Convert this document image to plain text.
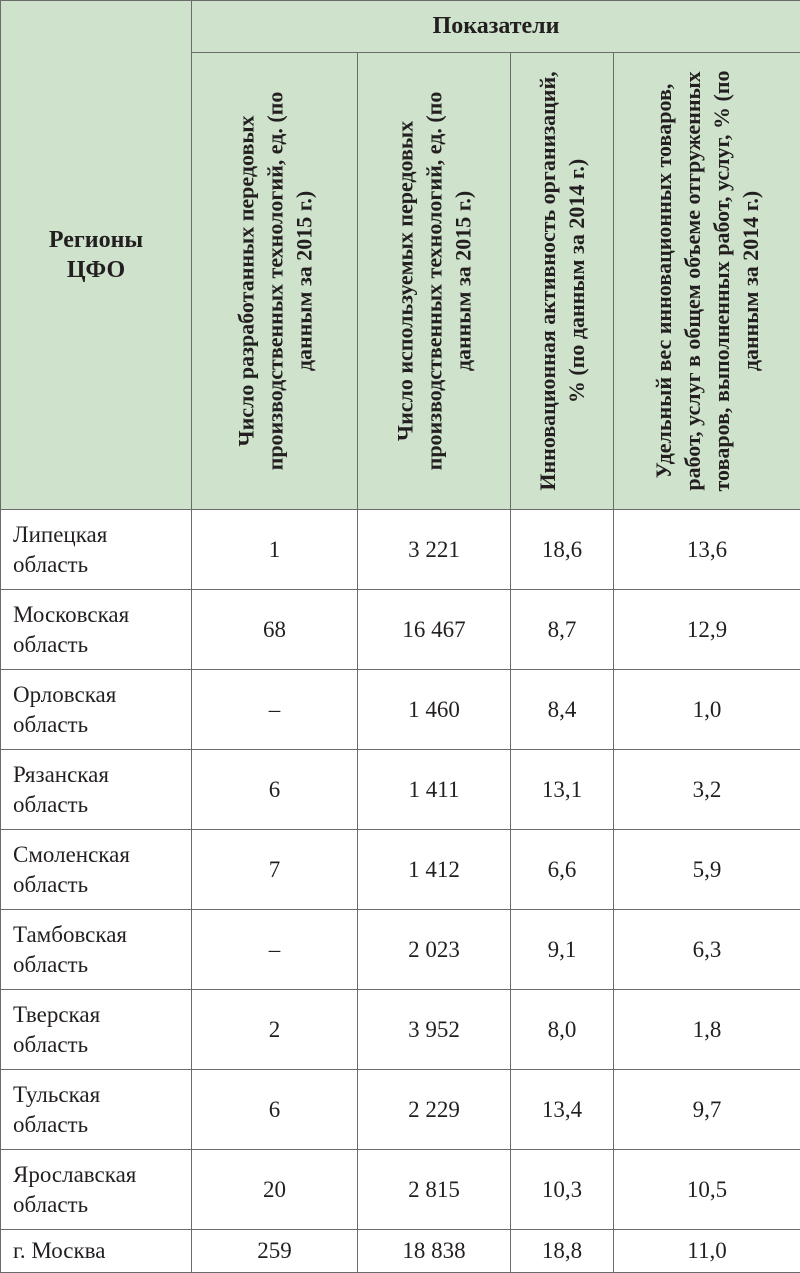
Регионы
ЦФО	Показатели			

	Число разработанных передовых производственных технологий, ед. (по данным за 2015 г.)	Число используемых передовых производственных технологий, ед. (по данным за 2015 г.)	Инновационная активность организаций, % (по данным за 2014 г.)	Удельный вес инновационных товаров, работ, услуг в общем объеме отгруженных товаров, выполненных работ, услуг, % (по данным за 2014 г.)

Липецкая
область	1	3 221	18,6	13,6
Московская
область	68	16 467	8,7	12,9
Орловская
область	–	1 460	8,4	1,0
Рязанская
область	6	1 411	13,1	3,2
Смоленская
область	7	1 412	6,6	5,9
Тамбовская
область	–	2 023	9,1	6,3
Тверская
область	2	3 952	8,0	1,8
Тульская
область	6	2 229	13,4	9,7
Ярославская
область	20	2 815	10,3	10,5
г. Москва	259	18 838	18,8	11,0
